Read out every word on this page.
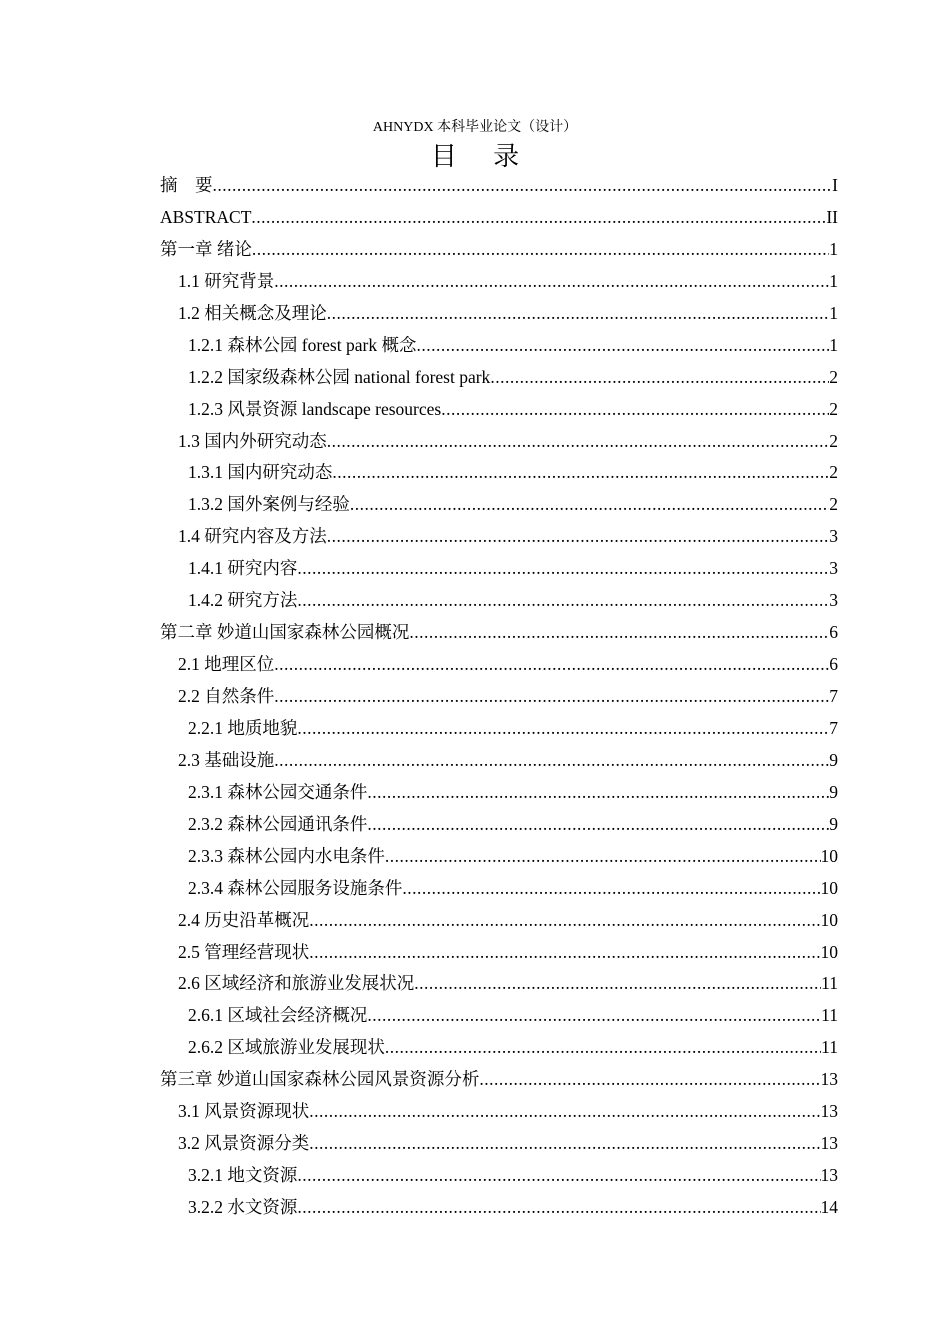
AHNYDX 本科毕业论文（设计）
目 录
摘　要 .....	I
ABSTRACT .....	II
第一章 绪论 .....	1
1.1 研究背景 .....	1
1.2 相关概念及理论 .....	1
1.2.1 森林公园 forest park 概念 .....	1
1.2.2 国家级森林公园 national forest park .....	2
1.2.3 风景资源 landscape resources .....	2
1.3 国内外研究动态 .....	2
1.3.1 国内研究动态 .....	2
1.3.2 国外案例与经验 .....	2
1.4 研究内容及方法 .....	3
1.4.1 研究内容 .....	3
1.4.2 研究方法 .....	3
第二章 妙道山国家森林公园概况 .....	6
2.1 地理区位 .....	6
2.2 自然条件 .....	7
2.2.1 地质地貌 .....	7
2.3 基础设施 .....	9
2.3.1 森林公园交通条件 .....	9
2.3.2 森林公园通讯条件 .....	9
2.3.3 森林公园内水电条件 .....	10
2.3.4 森林公园服务设施条件 .....	10
2.4 历史沿革概况 .....	10
2.5 管理经营现状 .....	10
2.6 区域经济和旅游业发展状况 .....	11
2.6.1 区域社会经济概况 .....	11
2.6.2 区域旅游业发展现状 .....	11
第三章 妙道山国家森林公园风景资源分析 .....	13
3.1 风景资源现状 .....	13
3.2 风景资源分类 .....	13
3.2.1 地文资源 .....	13
3.2.2 水文资源 .....	14
